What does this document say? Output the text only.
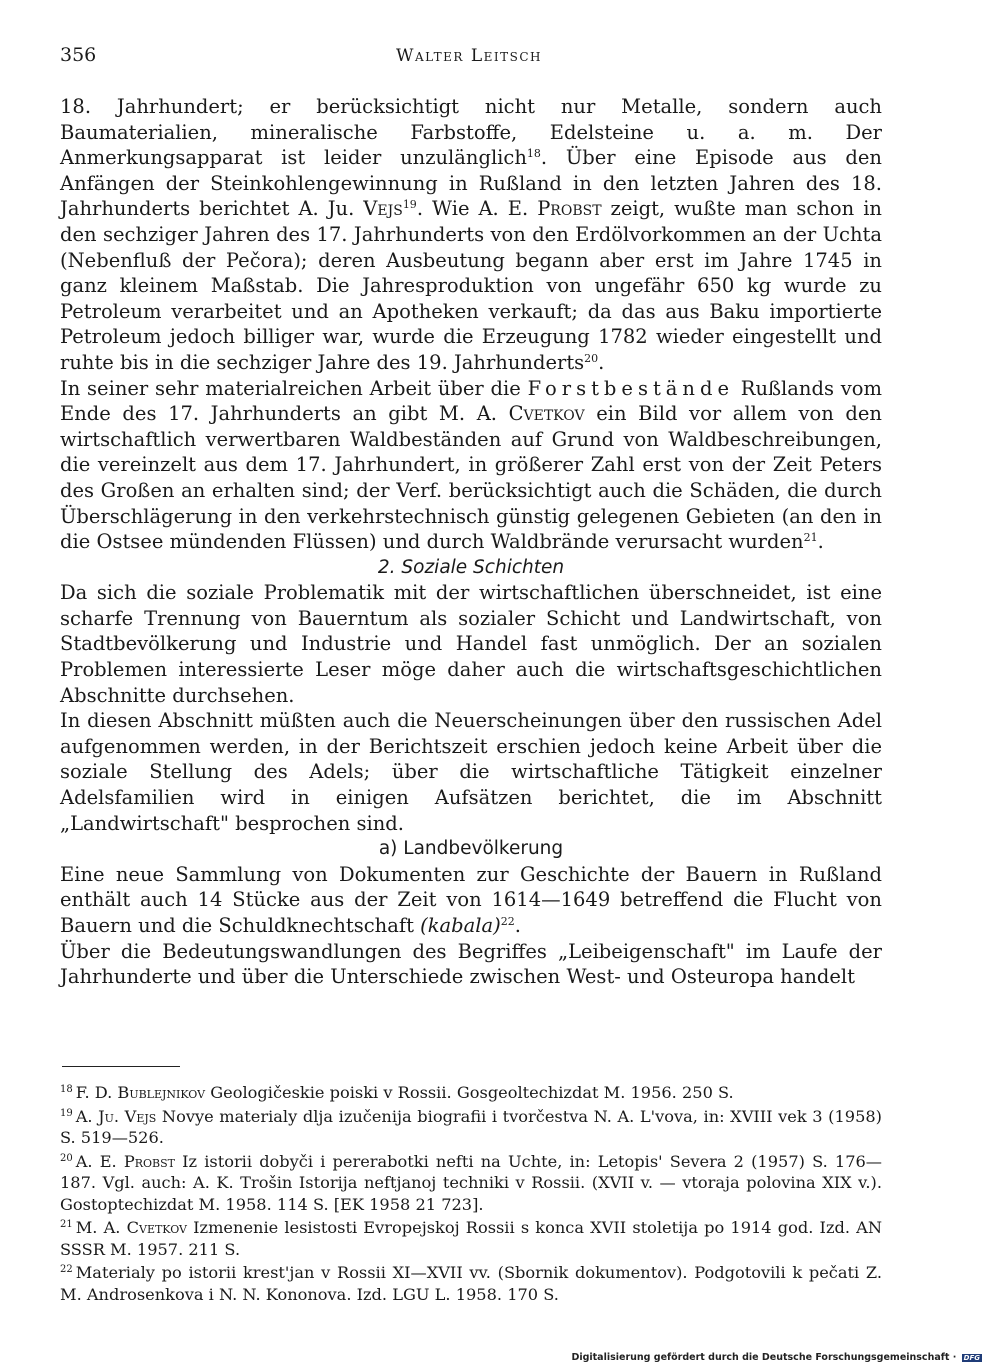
356	Walter Leitsch

18. Jahrhundert; er berücksichtigt nicht nur Metalle, sondern auch Baumaterialien, mineralische Farbstoffe, Edelsteine u. a. m. Der Anmerkungsapparat ist leider unzulänglich$^{18}$. Über eine Episode aus den Anfängen der Steinkohlengewinnung in Rußland in den letzten Jahren des 18. Jahrhunderts berichtet A. Ju. Vejs$^{19}$. Wie A. E. Probst zeigt, wußte man schon in den sechziger Jahren des 17. Jahrhunderts von den Erdölvorkommen an der Uchta (Nebenfluß der Pečora); deren Ausbeutung begann aber erst im Jahre 1745 in ganz kleinem Maßstab. Die Jahresproduktion von ungefähr 650 kg wurde zu Petroleum verarbeitet und an Apotheken verkauft; da das aus Baku importierte Petroleum jedoch billiger war, wurde die Erzeugung 1782 wieder eingestellt und ruhte bis in die sechziger Jahre des 19. Jahrhunderts$^{20}$.

In seiner sehr materialreichen Arbeit über die Forstbestände Rußlands vom Ende des 17. Jahrhunderts an gibt M. A. Cvetkov ein Bild vor allem von den wirtschaftlich verwertbaren Waldbeständen auf Grund von Waldbeschreibungen, die vereinzelt aus dem 17. Jahrhundert, in größerer Zahl erst von der Zeit Peters des Großen an erhalten sind; der Verf. berücksichtigt auch die Schäden, die durch Überschlägerung in den verkehrstechnisch günstig gelegenen Gebieten (an den in die Ostsee mündenden Flüssen) und durch Waldbrände verursacht wurden$^{21}$.

2. Soziale Schichten

Da sich die soziale Problematik mit der wirtschaftlichen überschneidet, ist eine scharfe Trennung von Bauerntum als sozialer Schicht und Landwirtschaft, von Stadtbevölkerung und Industrie und Handel fast unmöglich. Der an sozialen Problemen interessierte Leser möge daher auch die wirtschaftsgeschichtlichen Abschnitte durchsehen.

In diesen Abschnitt müßten auch die Neuerscheinungen über den russischen Adel aufgenommen werden, in der Berichtszeit erschien jedoch keine Arbeit über die soziale Stellung des Adels; über die wirtschaftliche Tätigkeit einzelner Adelsfamilien wird in einigen Aufsätzen berichtet, die im Abschnitt „Landwirtschaft" besprochen sind.

a) Landbevölkerung

Eine neue Sammlung von Dokumenten zur Geschichte der Bauern in Rußland enthält auch 14 Stücke aus der Zeit von 1614—1649 betreffend die Flucht von Bauern und die Schuldknechtschaft (kabala)$^{22}$.

Über die Bedeutungswandlungen des Begriffes „Leibeigenschaft" im Laufe der Jahrhunderte und über die Unterschiede zwischen West- und Osteuropa handelt

$^{18}$ F. D. Bublejnikov Geologičeskie poiski v Rossii. Gosgeoltechizdat M. 1956. 250 S.

$^{19}$ A. Ju. Vejs Novye materialy dlja izučenija biografii i tvorčestva N. A. L'vova, in: XVIII vek 3 (1958) S. 519—526.

$^{20}$ A. E. Probst Iz istorii dobyči i pererabotki nefti na Uchte, in: Letopis' Severa 2 (1957) S. 176—187. Vgl. auch: A. K. Trošin Istorija neftjanoj techniki v Rossii. (XVII v. — vtoraja polovina XIX v.). Gostoptechizdat M. 1958. 114 S. [EK 1958 21 723].

$^{21}$ M. A. Cvetkov Izmenenie lesistosti Evropejskoj Rossii s konca XVII stoletija po 1914 god. Izd. AN SSSR M. 1957. 211 S.

$^{22}$ Materialy po istorii krest'jan v Rossii XI—XVII vv. (Sbornik dokumentov). Podgotovili k pečati Z. M. Androsenkova i N. N. Kononova. Izd. LGU L. 1958. 170 S.

Digitalisierung gefördert durch die Deutsche Forschungsgemeinschaft · DFG
